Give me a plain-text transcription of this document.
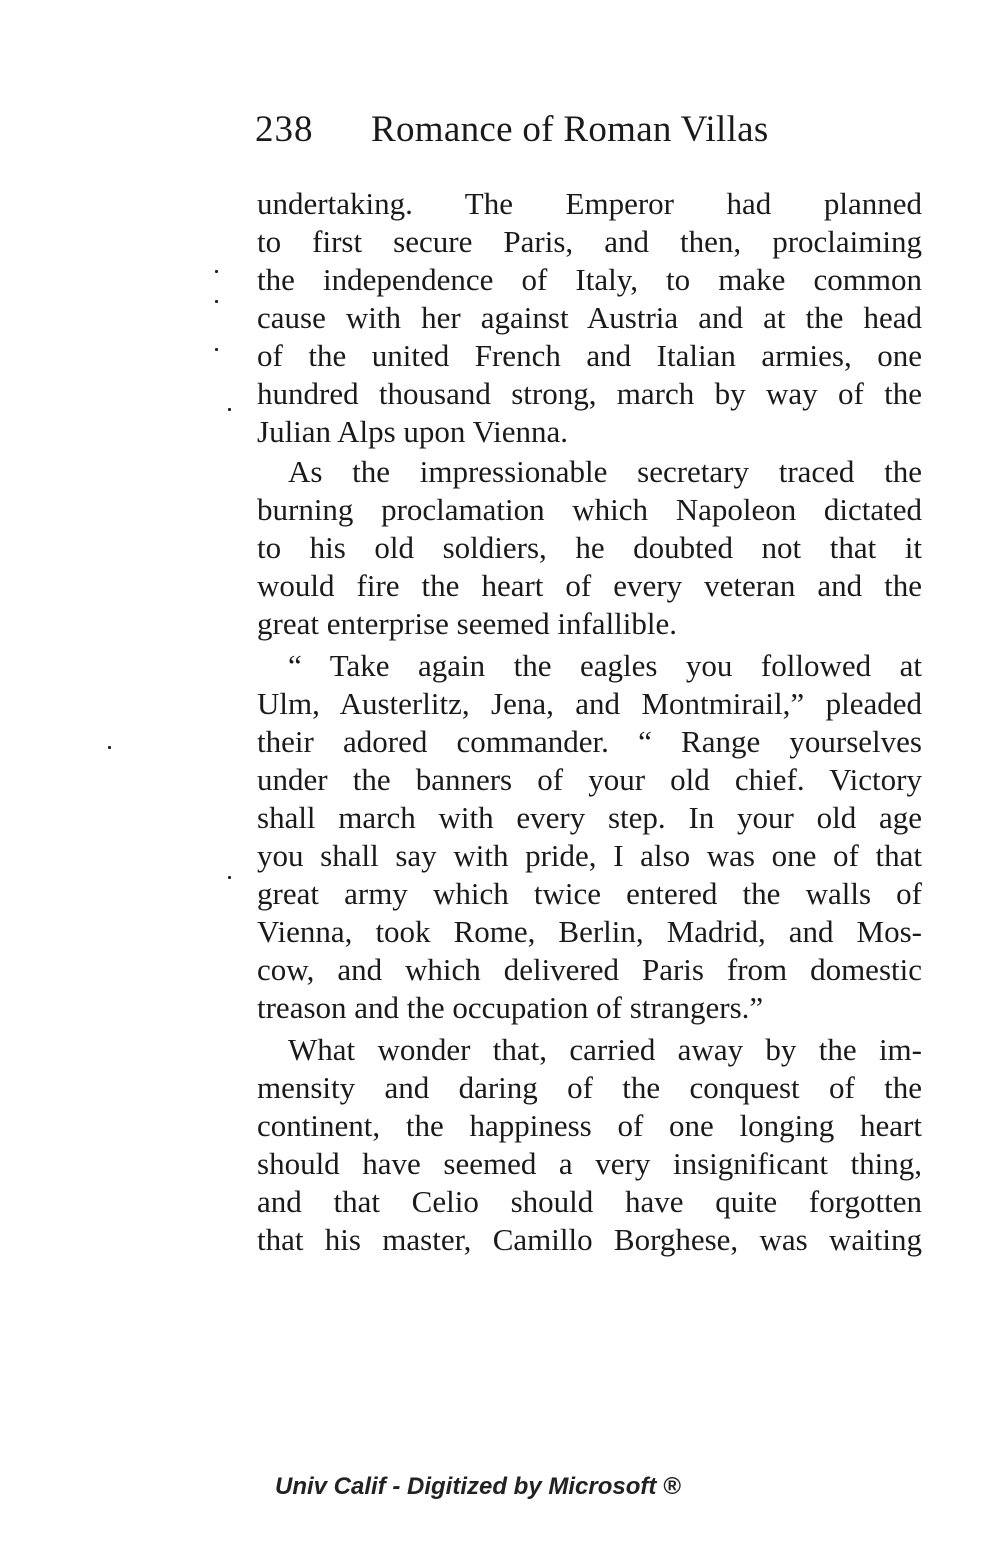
238 Romance of Roman Villas
undertaking. The Emperor had planned
to first secure Paris, and then, proclaiming
the independence of Italy, to make common
cause with her against Austria and at the head
of the united French and Italian armies, one
hundred thousand strong, march by way of the
Julian Alps upon Vienna.
As the impressionable secretary traced the
burning proclamation which Napoleon dictated
to his old soldiers, he doubted not that it
would fire the heart of every veteran and the
great enterprise seemed infallible.
“ Take again the eagles you followed at
Ulm, Austerlitz, Jena, and Montmirail,” pleaded
their adored commander. “ Range yourselves
under the banners of your old chief. Victory
shall march with every step. In your old age
you shall say with pride, I also was one of that
great army which twice entered the walls of
Vienna, took Rome, Berlin, Madrid, and Mos-
cow, and which delivered Paris from domestic
treason and the occupation of strangers.”
What wonder that, carried away by the im-
mensity and daring of the conquest of the
continent, the happiness of one longing heart
should have seemed a very insignificant thing,
and that Celio should have quite forgotten
that his master, Camillo Borghese, was waiting
Univ Calif - Digitized by Microsoft ®
